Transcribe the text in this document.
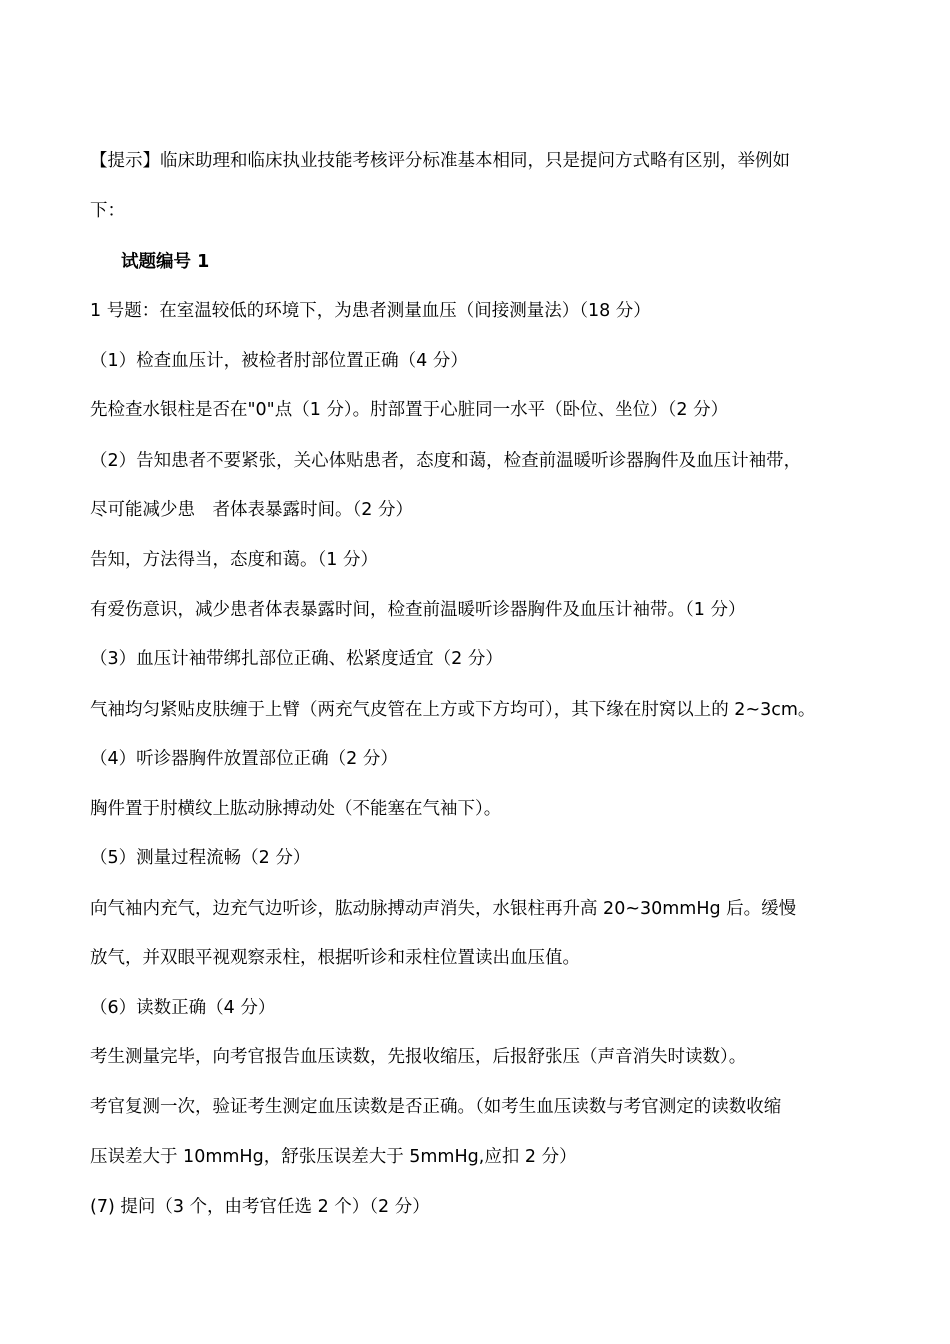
【提示】临床助理和临床执业技能考核评分标准基本相同，只是提问方式略有区别，举例如
下：
试题编号 1
1 号题：在室温较低的环境下，为患者测量血压（间接测量法）（18 分）
（1）检查血压计，被检者肘部位置正确（4 分）
先检查水银柱是否在"0"点（1 分）。肘部置于心脏同一水平（卧位、坐位）（2 分）
（2）告知患者不要紧张，关心体贴患者，态度和蔼，检查前温暖听诊器胸件及血压计袖带，
尽可能减少患　者体表暴露时间。（2 分）
告知，方法得当，态度和蔼。（1 分）
有爱伤意识，减少患者体表暴露时间，检查前温暖听诊器胸件及血压计袖带。（1 分）
（3）血压计袖带绑扎部位正确、松紧度适宜（2 分）
气袖均匀紧贴皮肤缠于上臂（两充气皮管在上方或下方均可），其下缘在肘窝以上的 2~3cm。
（4）听诊器胸件放置部位正确（2 分）
胸件置于肘横纹上肱动脉搏动处（不能塞在气袖下）。
（5）测量过程流畅（2 分）
向气袖内充气，边充气边听诊，肱动脉搏动声消失，水银柱再升高 20~30mmHg 后。缓慢
放气，并双眼平视观察汞柱，根据听诊和汞柱位置读出血压值。
（6）读数正确（4 分）
考生测量完毕，向考官报告血压读数，先报收缩压，后报舒张压（声音消失时读数）。
考官复测一次，验证考生测定血压读数是否正确。（如考生血压读数与考官测定的读数收缩
压误差大于 10mmHg，舒张压误差大于 5mmHg,应扣 2 分）
(7) 提问（3 个，由考官任选 2 个）（2 分）
